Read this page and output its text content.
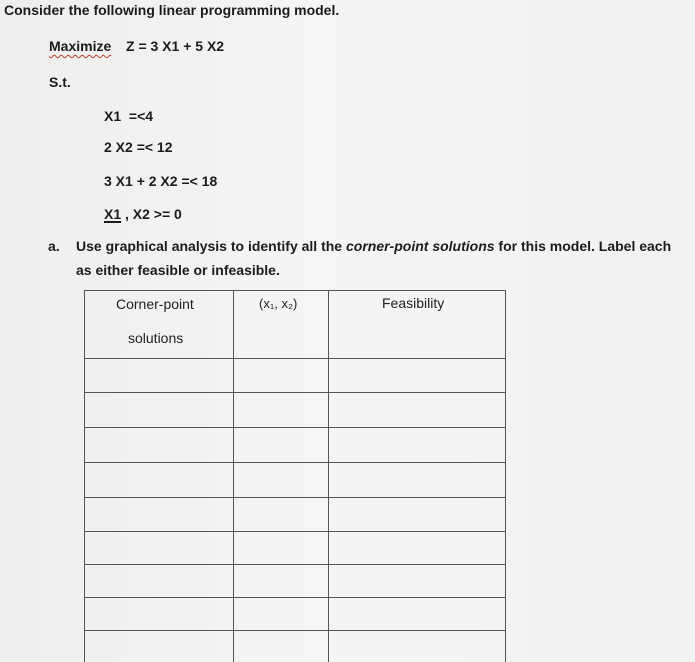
Consider the following linear programming model.
Maximize Z = 3 X1 + 5 X2
S.t.
X1  =<4
2 X2 =< 12
3 X1 + 2 X2 =< 18
X1 , X2 >= 0
a. Use graphical analysis to identify all the corner-point solutions for this model. Label each
as either feasible or infeasible.
Corner-point
solutions
(x₁, x₂)	Feasibility
